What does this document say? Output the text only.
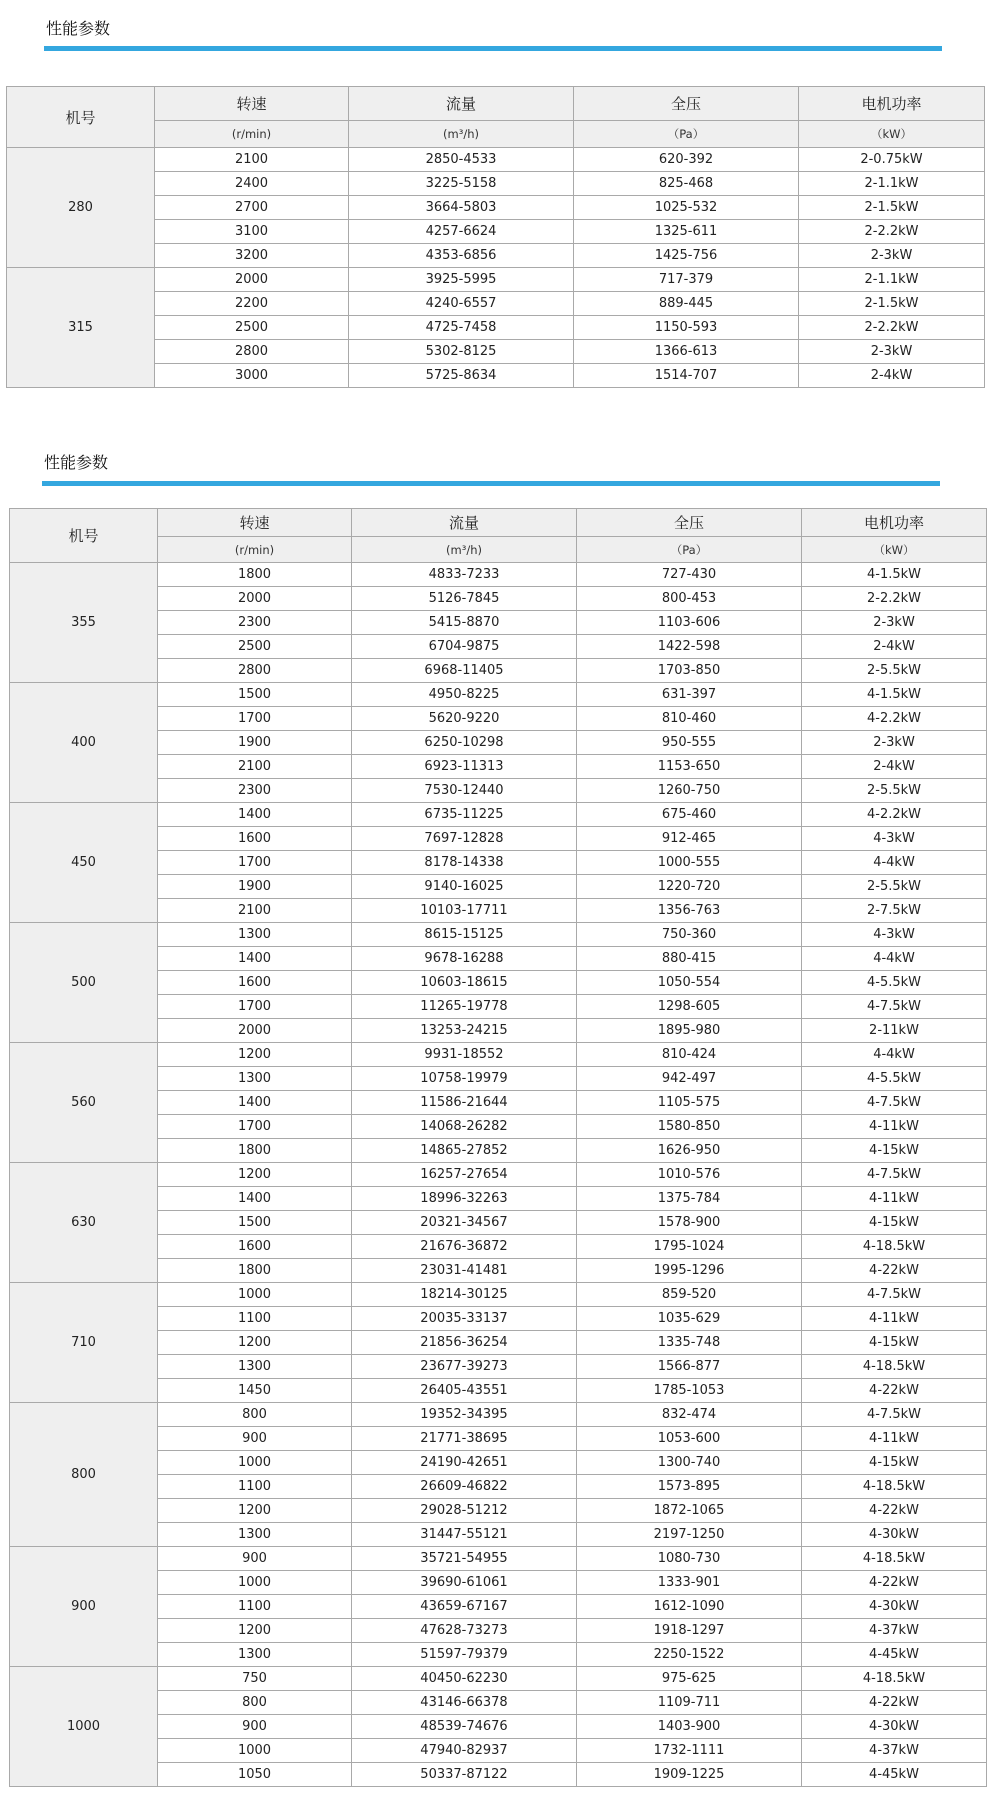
性能参数
机号	转速	流量	全压	电机功率
	(r/min)	(m³/h)	（Pa）	（kW）
280	2100	2850-4533	620-392	2-0.75kW
	2400	3225-5158	825-468	2-1.1kW
	2700	3664-5803	1025-532	2-1.5kW
	3100	4257-6624	1325-611	2-2.2kW
	3200	4353-6856	1425-756	2-3kW
315	2000	3925-5995	717-379	2-1.1kW
	2200	4240-6557	889-445	2-1.5kW
	2500	4725-7458	1150-593	2-2.2kW
	2800	5302-8125	1366-613	2-3kW
	3000	5725-8634	1514-707	2-4kW
性能参数
机号	转速	流量	全压	电机功率
	(r/min)	(m³/h)	（Pa）	（kW）
355	1800	4833-7233	727-430	4-1.5kW
	2000	5126-7845	800-453	2-2.2kW
	2300	5415-8870	1103-606	2-3kW
	2500	6704-9875	1422-598	2-4kW
	2800	6968-11405	1703-850	2-5.5kW
400	1500	4950-8225	631-397	4-1.5kW
	1700	5620-9220	810-460	4-2.2kW
	1900	6250-10298	950-555	2-3kW
	2100	6923-11313	1153-650	2-4kW
	2300	7530-12440	1260-750	2-5.5kW
450	1400	6735-11225	675-460	4-2.2kW
	1600	7697-12828	912-465	4-3kW
	1700	8178-14338	1000-555	4-4kW
	1900	9140-16025	1220-720	2-5.5kW
	2100	10103-17711	1356-763	2-7.5kW
500	1300	8615-15125	750-360	4-3kW
	1400	9678-16288	880-415	4-4kW
	1600	10603-18615	1050-554	4-5.5kW
	1700	11265-19778	1298-605	4-7.5kW
	2000	13253-24215	1895-980	2-11kW
560	1200	9931-18552	810-424	4-4kW
	1300	10758-19979	942-497	4-5.5kW
	1400	11586-21644	1105-575	4-7.5kW
	1700	14068-26282	1580-850	4-11kW
	1800	14865-27852	1626-950	4-15kW
630	1200	16257-27654	1010-576	4-7.5kW
	1400	18996-32263	1375-784	4-11kW
	1500	20321-34567	1578-900	4-15kW
	1600	21676-36872	1795-1024	4-18.5kW
	1800	23031-41481	1995-1296	4-22kW
710	1000	18214-30125	859-520	4-7.5kW
	1100	20035-33137	1035-629	4-11kW
	1200	21856-36254	1335-748	4-15kW
	1300	23677-39273	1566-877	4-18.5kW
	1450	26405-43551	1785-1053	4-22kW
800	800	19352-34395	832-474	4-7.5kW
	900	21771-38695	1053-600	4-11kW
	1000	24190-42651	1300-740	4-15kW
	1100	26609-46822	1573-895	4-18.5kW
	1200	29028-51212	1872-1065	4-22kW
	1300	31447-55121	2197-1250	4-30kW
900	900	35721-54955	1080-730	4-18.5kW
	1000	39690-61061	1333-901	4-22kW
	1100	43659-67167	1612-1090	4-30kW
	1200	47628-73273	1918-1297	4-37kW
	1300	51597-79379	2250-1522	4-45kW
1000	750	40450-62230	975-625	4-18.5kW
	800	43146-66378	1109-711	4-22kW
	900	48539-74676	1403-900	4-30kW
	1000	47940-82937	1732-1111	4-37kW
	1050	50337-87122	1909-1225	4-45kW
